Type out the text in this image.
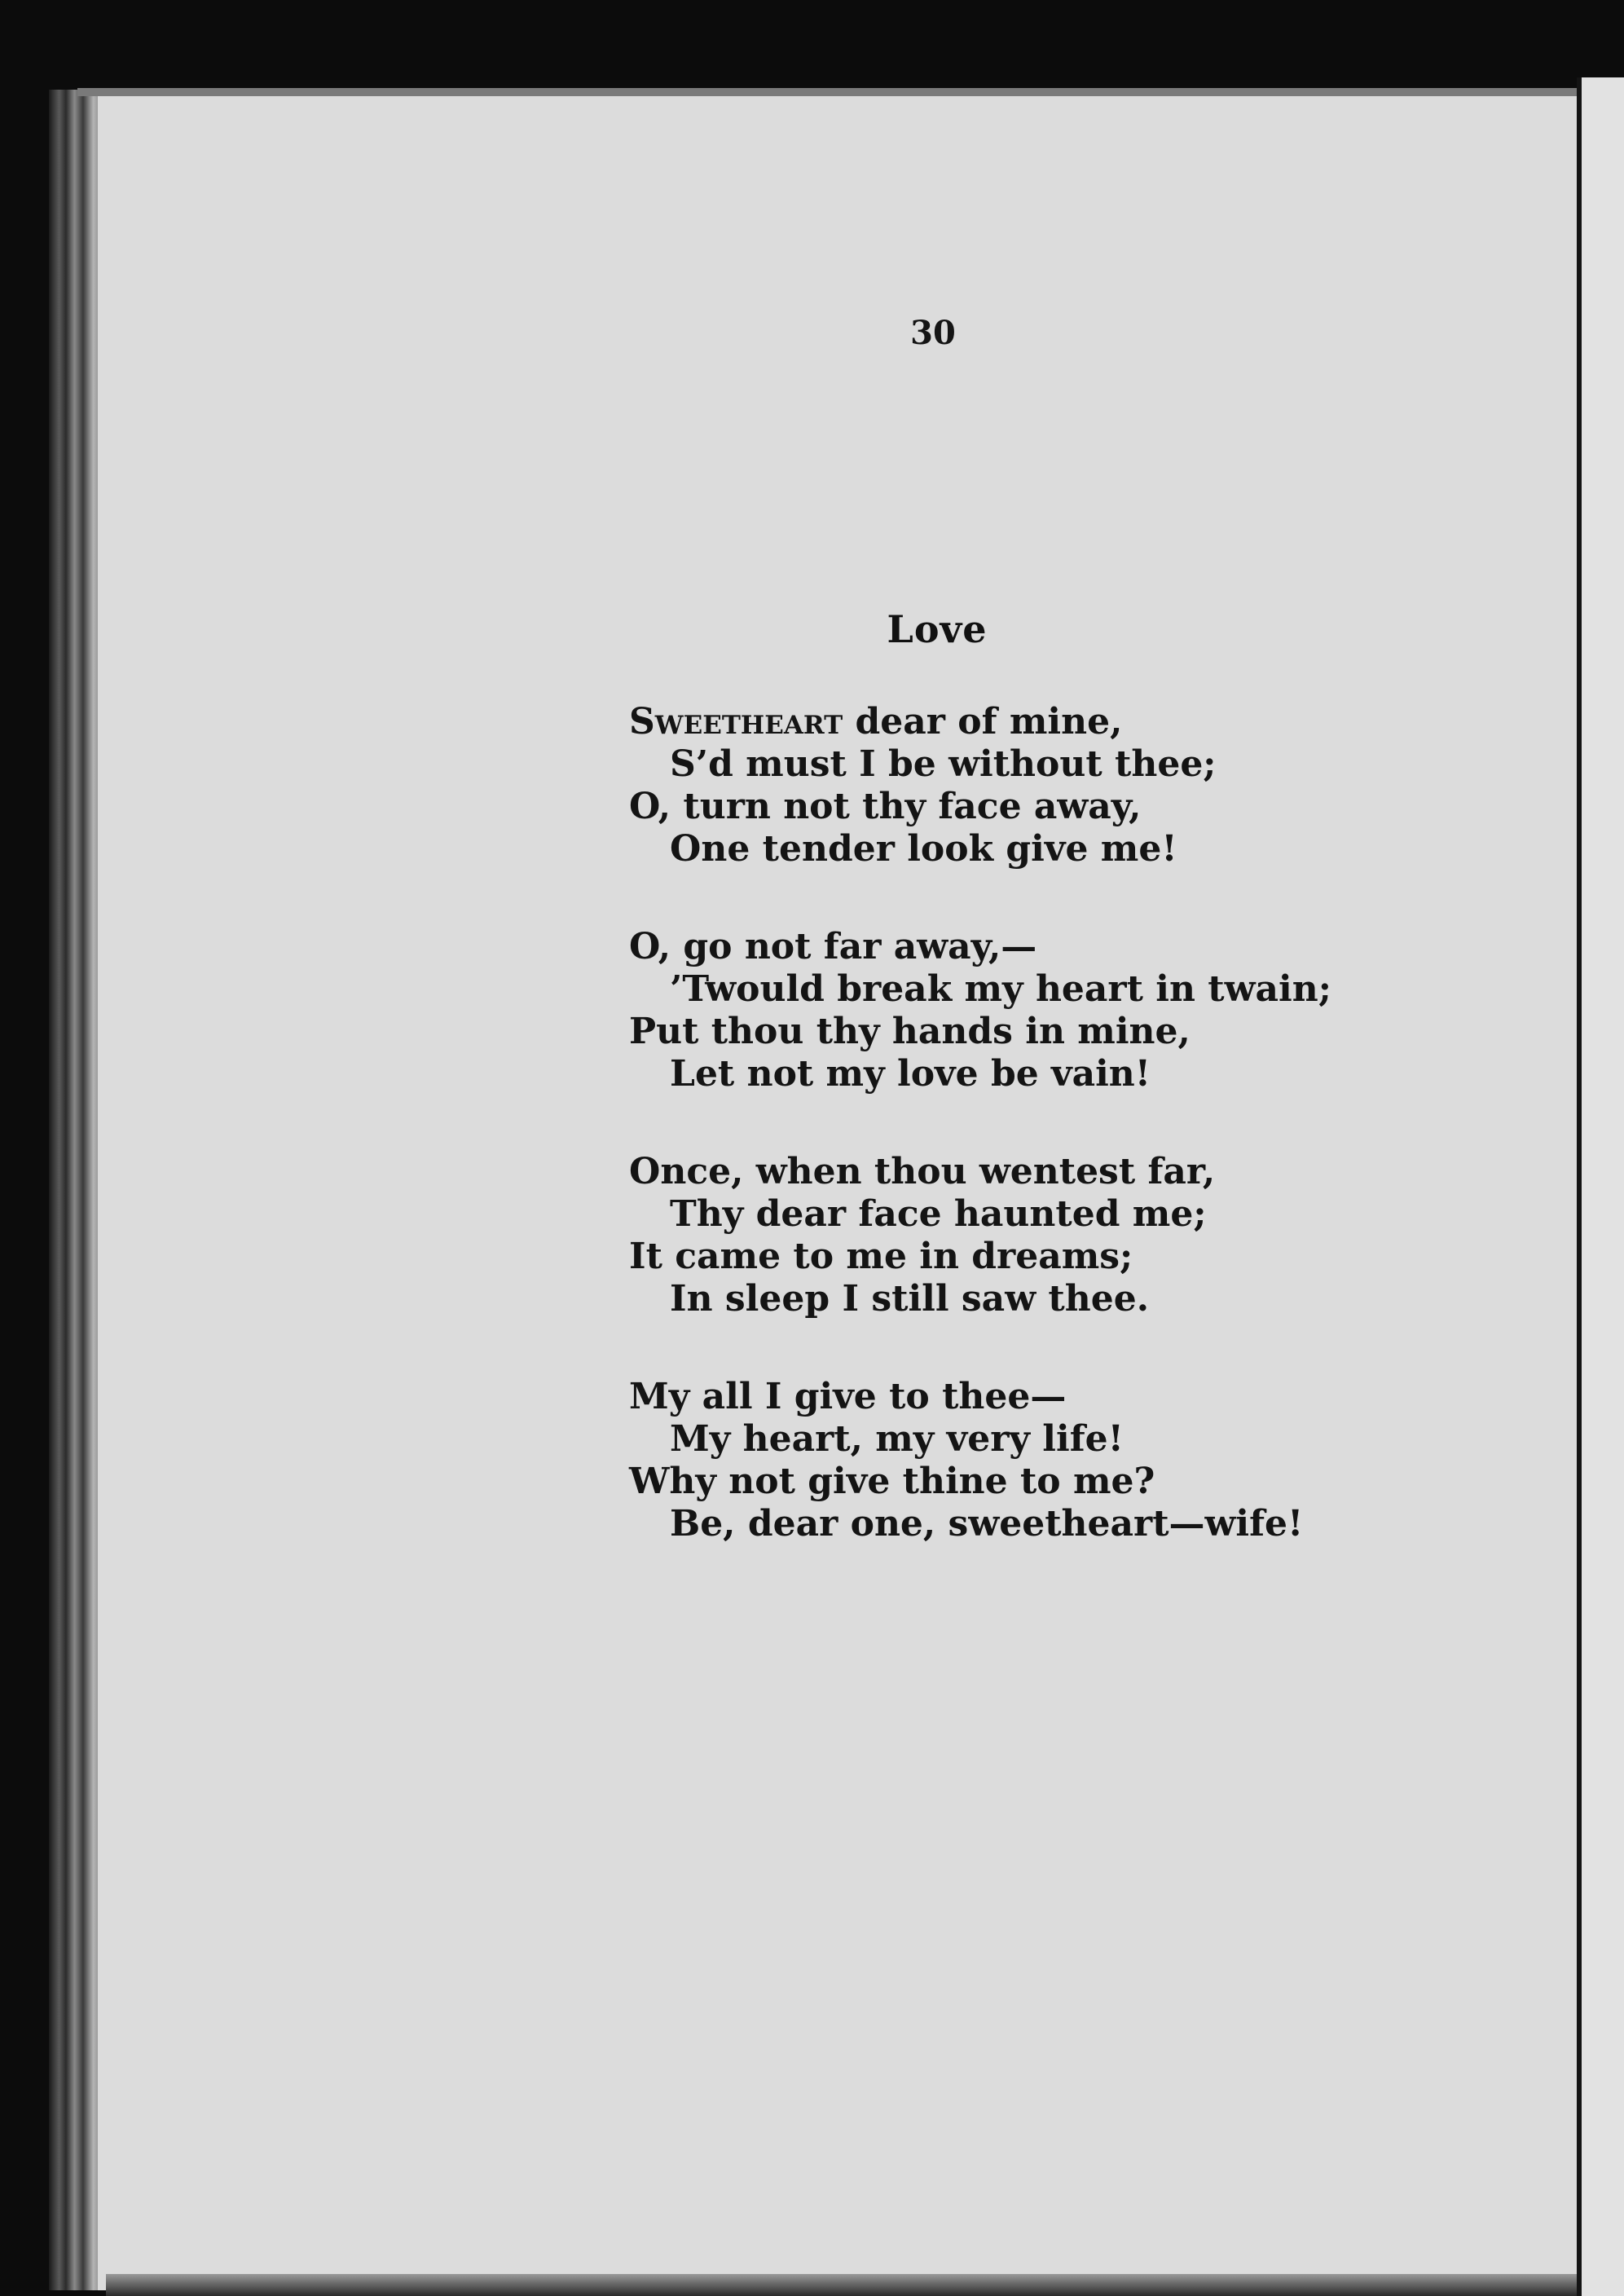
30

Love
Sweetheart dear of mine,
S’d must I be without thee;
O, turn not thy face away,
One tender look give me!
O, go not far away,—
’Twould break my heart in twain;
Put thou thy hands in mine,
Let not my love be vain!
Once, when thou wentest far,
Thy dear face haunted me;
It came to me in dreams;
In sleep I still saw thee.
My all I give to thee—
My heart, my very life!
Why not give thine to me?
Be, dear one, sweetheart—wife!
